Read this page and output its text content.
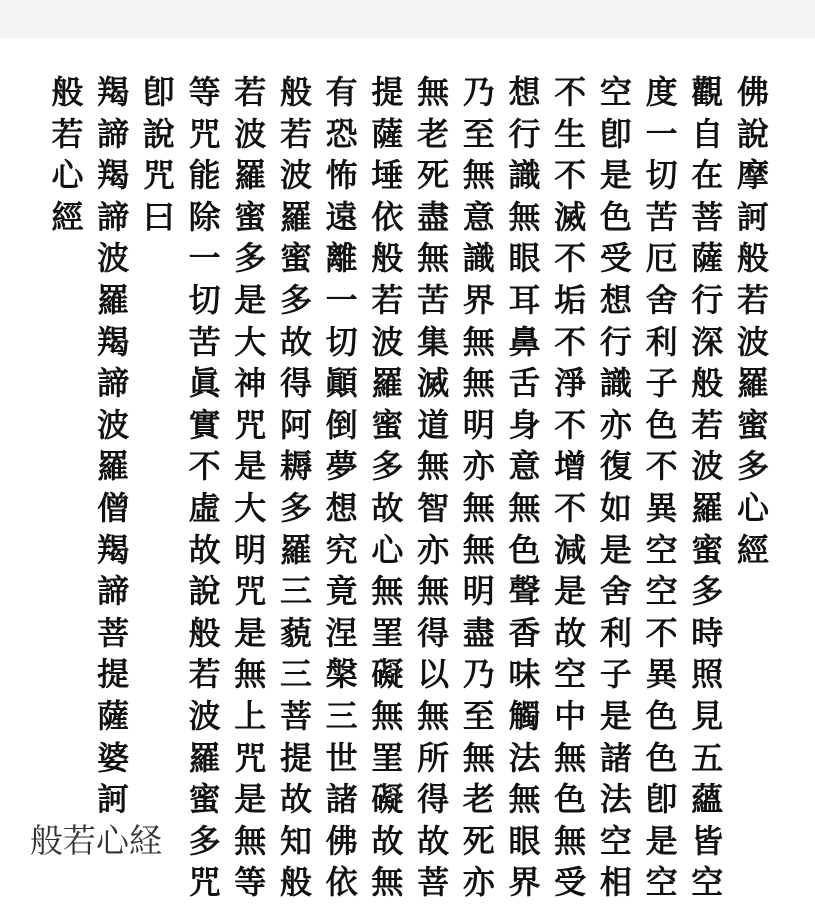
佛
說
摩
訶
般
若
波
羅
蜜
多
心
經
觀
自
在
菩
薩
行
深
般
若
波
羅
蜜
多
時
照
見
五
蘊
皆
空
度
一
切
苦
厄
舍
利
子
色
不
異
空
空
不
異
色
色
卽
是
空
空
卽
是
色
受
想
行
識
亦
復
如
是
舍
利
子
是
諸
法
空
相
不
生
不
滅
不
垢
不
淨
不
增
不
減
是
故
空
中
無
色
無
受
想
行
識
無
眼
耳
鼻
舌
身
意
無
色
聲
香
味
觸
法
無
眼
界
乃
至
無
意
識
界
無
無
明
亦
無
無
明
盡
乃
至
無
老
死
亦
無
老
死
盡
無
苦
集
滅
道
無
智
亦
無
得
以
無
所
得
故
菩
提
薩
埵
依
般
若
波
羅
蜜
多
故
心
無
罣
礙
無
罣
礙
故
無
有
恐
怖
遠
離
一
切
顚
倒
夢
想
究
竟
涅
槃
三
世
諸
佛
依
般
若
波
羅
蜜
多
故
得
阿
耨
多
羅
三
藐
三
菩
提
故
知
般
若
波
羅
蜜
多
是
大
神
咒
是
大
明
咒
是
無
上
咒
是
無
等
等
咒
能
除
一
切
苦
眞
實
不
虛
故
說
般
若
波
羅
蜜
多
咒
卽
說
咒
曰
羯
諦
羯
諦
波
羅
羯
諦
波
羅
僧
羯
諦
菩
提
薩
婆
訶
般
若
心
經
般若心経
